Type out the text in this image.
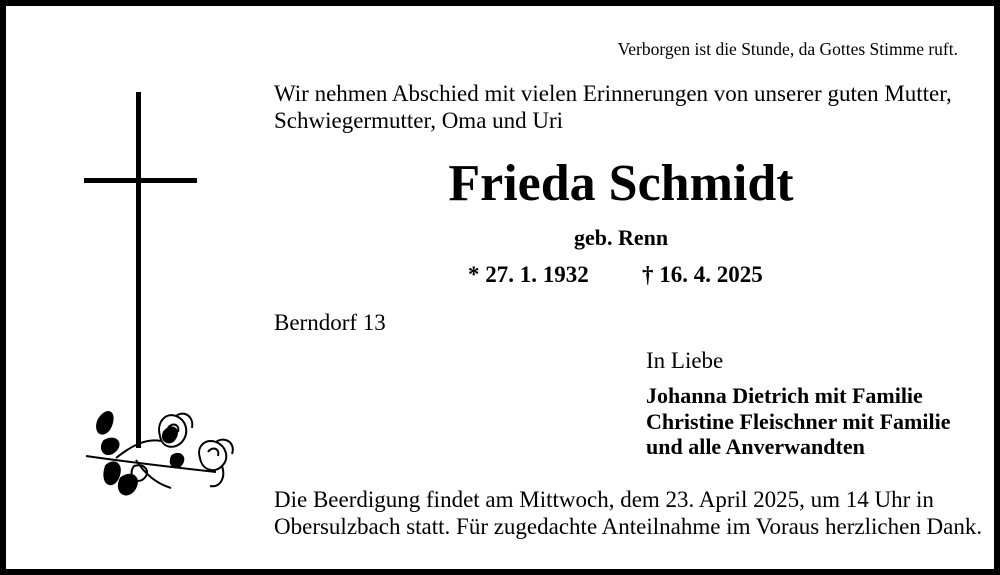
Verborgen ist die Stunde, da Gottes Stimme ruft.
Wir nehmen Abschied mit vielen Erinnerungen von unserer guten Mutter,
Schwiegermutter, Oma und Uri
Frieda Schmidt
geb. Renn
* 27. 1. 1932 † 16. 4. 2025
Berndorf 13
In Liebe
Johanna Dietrich mit Familie
Christine Fleischner mit Familie
und alle Anverwandten
Die Beerdigung findet am Mittwoch, dem 23. April 2025, um 14 Uhr in
Obersulzbach statt. Für zugedachte Anteilnahme im Voraus herzlichen Dank.
